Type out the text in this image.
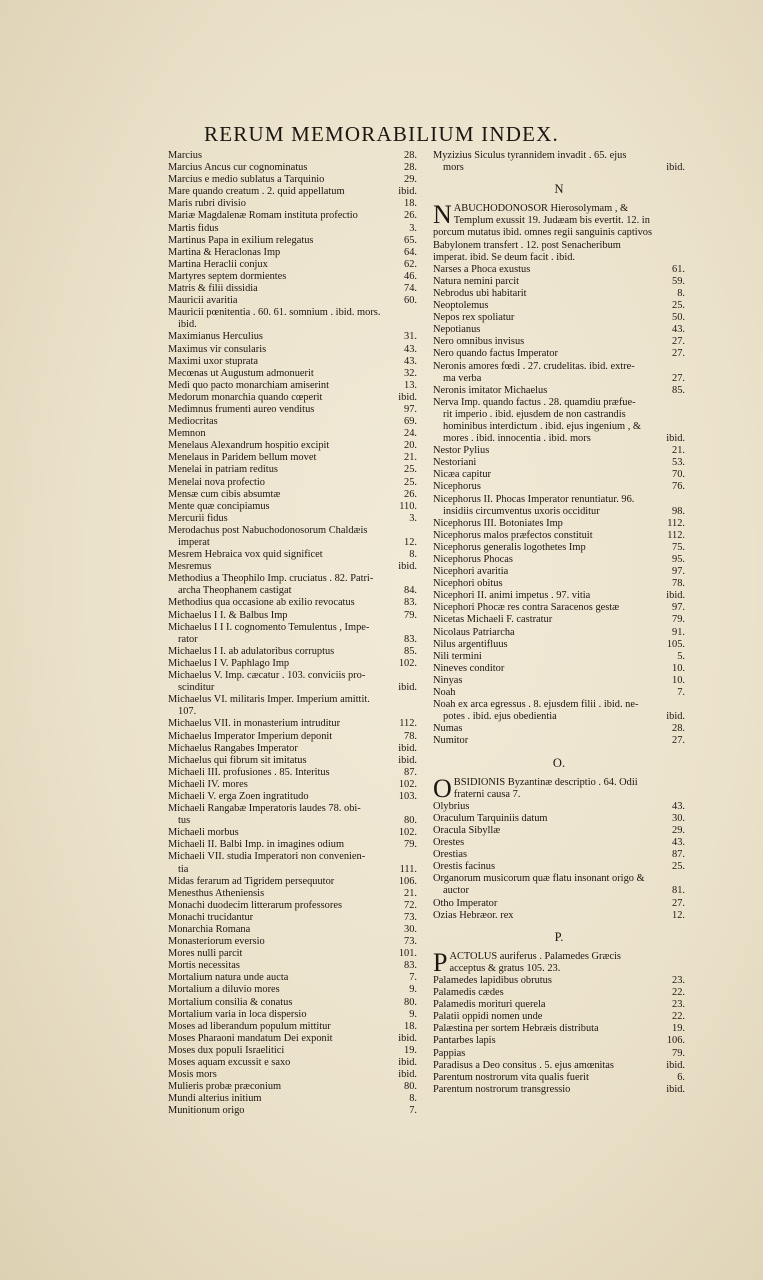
RERUM MEMORABILIUM INDEX.
Marcius	28.
Marcius Ancus cur cognominatus	28.
Marcius e medio sublatus a Tarquinio	29.
Mare quando creatum . 2. quid appellatum	ibid.
Maris rubri divisio	18.
Mariæ Magdalenæ Romam instituta profectio	26.
Martis fidus	3.
Martinus Papa in exilium relegatus	65.
Martina & Heraclonas Imp	64.
Martina Heraclii conjux	62.
Martyres septem dormientes	46.
Matris & filii dissidia	74.
Mauricii avaritia	60.
Mauricii pœnitentia . 60. 61. somnium . ibid. mors.
ibid.
Maximianus Herculius	31.
Maximus vir consularis	43.
Maximi uxor stuprata	43.
Mecœnas ut Augustum admonuerit	32.
Medi quo pacto monarchiam amiserint	13.
Medorum monarchia quando cœperit	ibid.
Medimnus frumenti aureo venditus	97.
Mediocritas	69.
Memnon	24.
Menelaus Alexandrum hospitio excipit	20.
Menelaus in Paridem bellum movet	21.
Menelai in patriam reditus	25.
Menelai nova profectio	25.
Mensæ cum cibis absumtæ	26.
Mente quæ concipiamus	110.
Mercurii fidus	3.
Merodachus post Nabuchodonosorum Chaldæis
imperat	12.
Mesrem Hebraica vox quid significet	8.
Mesremus	ibid.
Methodius a Theophilo Imp. cruciatus . 82. Patri-
archa Theophanem castigat	84.
Methodius qua occasione ab exilio revocatus	83.
Michaelus I I. & Balbus Imp	79.
Michaelus I I I. cognomento Temulentus , Impe-
rator	83.
Michaelus I I. ab adulatoribus corruptus	85.
Michaelus I V. Paphlago Imp	102.
Michaelus V. Imp. cæcatur . 103. conviciis pro-
scinditur	ibid.
Michaelus VI. militaris Imper. Imperium amittit.
107.
Michaelus VII. in monasterium intruditur	112.
Michaelus Imperator Imperium deponit	78.
Michaelus Rangabes Imperator	ibid.
Michaelus qui fibrum sit imitatus	ibid.
Michaeli III. profusiones . 85. Interitus	87.
Michaeli IV. mores	102.
Michaeli V. erga Zoen ingratitudo	103.
Michaeli Rangabæ Imperatoris laudes 78. obi-
tus	80.
Michaeli morbus	102.
Michaeli II. Balbi Imp. in imagines odium	79.
Michaeli VII. studia Imperatori non convenien-
tia	111.
Midas ferarum ad Tigridem persequutor	106.
Menesthus Atheniensis	21.
Monachi duodecim litterarum professores	72.
Monachi trucidantur	73.
Monarchia Romana	30.
Monasteriorum eversio	73.
Mores nulli parcit	101.
Mortis necessitas	83.
Mortalium natura unde aucta	7.
Mortalium a diluvio mores	9.
Mortalium consilia & conatus	80.
Mortalium varia in loca dispersio	9.
Moses ad liberandum populum mittitur	18.
Moses Pharaoni mandatum Dei exponit	ibid.
Moses dux populi Israelitici	19.
Moses aquam excussit e saxo	ibid.
Mosis mors	ibid.
Mulieris probæ præconium	80.
Mundi alterius initium	8.
Munitionum origo	7.
Myzizius Siculus tyrannidem invadit . 65. ejus
mors	ibid.
N
NABUCHODONOSOR Hierosolymam , & Templum exussit 19. Judæam bis evertit. 12. in porcum mutatus ibid. omnes regii sanguinis captivos Babylonem transfert . 12. post Senacheribum imperat. ibid. Se deum facit . ibid.
Narses a Phoca exustus	61.
Natura nemini parcit	59.
Nebrodus ubi habitarit	8.
Neoptolemus	25.
Nepos rex spoliatur	50.
Nepotianus	43.
Nero omnibus invisus	27.
Nero quando factus Imperator	27.
Neronis amores fœdi . 27. crudelitas. ibid. extre-
ma verba	27.
Neronis imitator Michaelus	85.
Nerva Imp. quando factus . 28. quamdiu præfue-
rit imperio . ibid. ejusdem de non castrandis hominibus interdictum . ibid. ejus ingenium , & mores . ibid. innocentia . ibid. mors	ibid.
Nestor Pylius	21.
Nestoriani	53.
Nicæa capitur	70.
Nicephorus	76.
Nicephorus II. Phocas Imperator renuntiatur. 96.
insidiis circumventus uxoris occiditur	98.
Nicephorus III. Botoniates Imp	112.
Nicephorus malos præfectos constituit	112.
Nicephorus generalis logothetes Imp	75.
Nicephorus Phocas	95.
Nicephori avaritia	97.
Nicephori obitus	78.
Nicephori II. animi impetus . 97. vitia	ibid.
Nicephori Phocæ res contra Saracenos gestæ	97.
Nicetas Michaeli F. castratur	79.
Nicolaus Patriarcha	91.
Nilus argentifluus	105.
Nili termini	5.
Nineves conditor	10.
Ninyas	10.
Noah	7.
Noah ex arca egressus . 8. ejusdem filii . ibid. ne-
potes . ibid. ejus obedientia	ibid.
Numas	28.
Numitor	27.
O.
OBSIDIONIS Byzantinæ descriptio . 64. Odii fraterni causa 7.
Olybrius	43.
Oraculum Tarquiniis datum	30.
Oracula Sibyllæ	29.
Orestes	43.
Orestias	87.
Orestis facinus	25.
Organorum musicorum quæ flatu insonant origo &
auctor	81.
Otho Imperator	27.
Ozias Hebræor. rex	12.
P.
PACTOLUS auriferus . Palamedes Græcis acceptus & gratus 105. 23.
Palamedes lapidibus obrutus	23.
Palamedis cædes	22.
Palamedis morituri querela	23.
Palatii oppidi nomen unde	22.
Palæstina per sortem Hebræis distributa	19.
Pantarbes lapis	106.
Pappias	79.
Paradisus a Deo consitus . 5. ejus amœnitas	ibid.
Parentum nostrorum vita qualis fuerit	6.
Parentum nostrorum transgressio	ibid.
